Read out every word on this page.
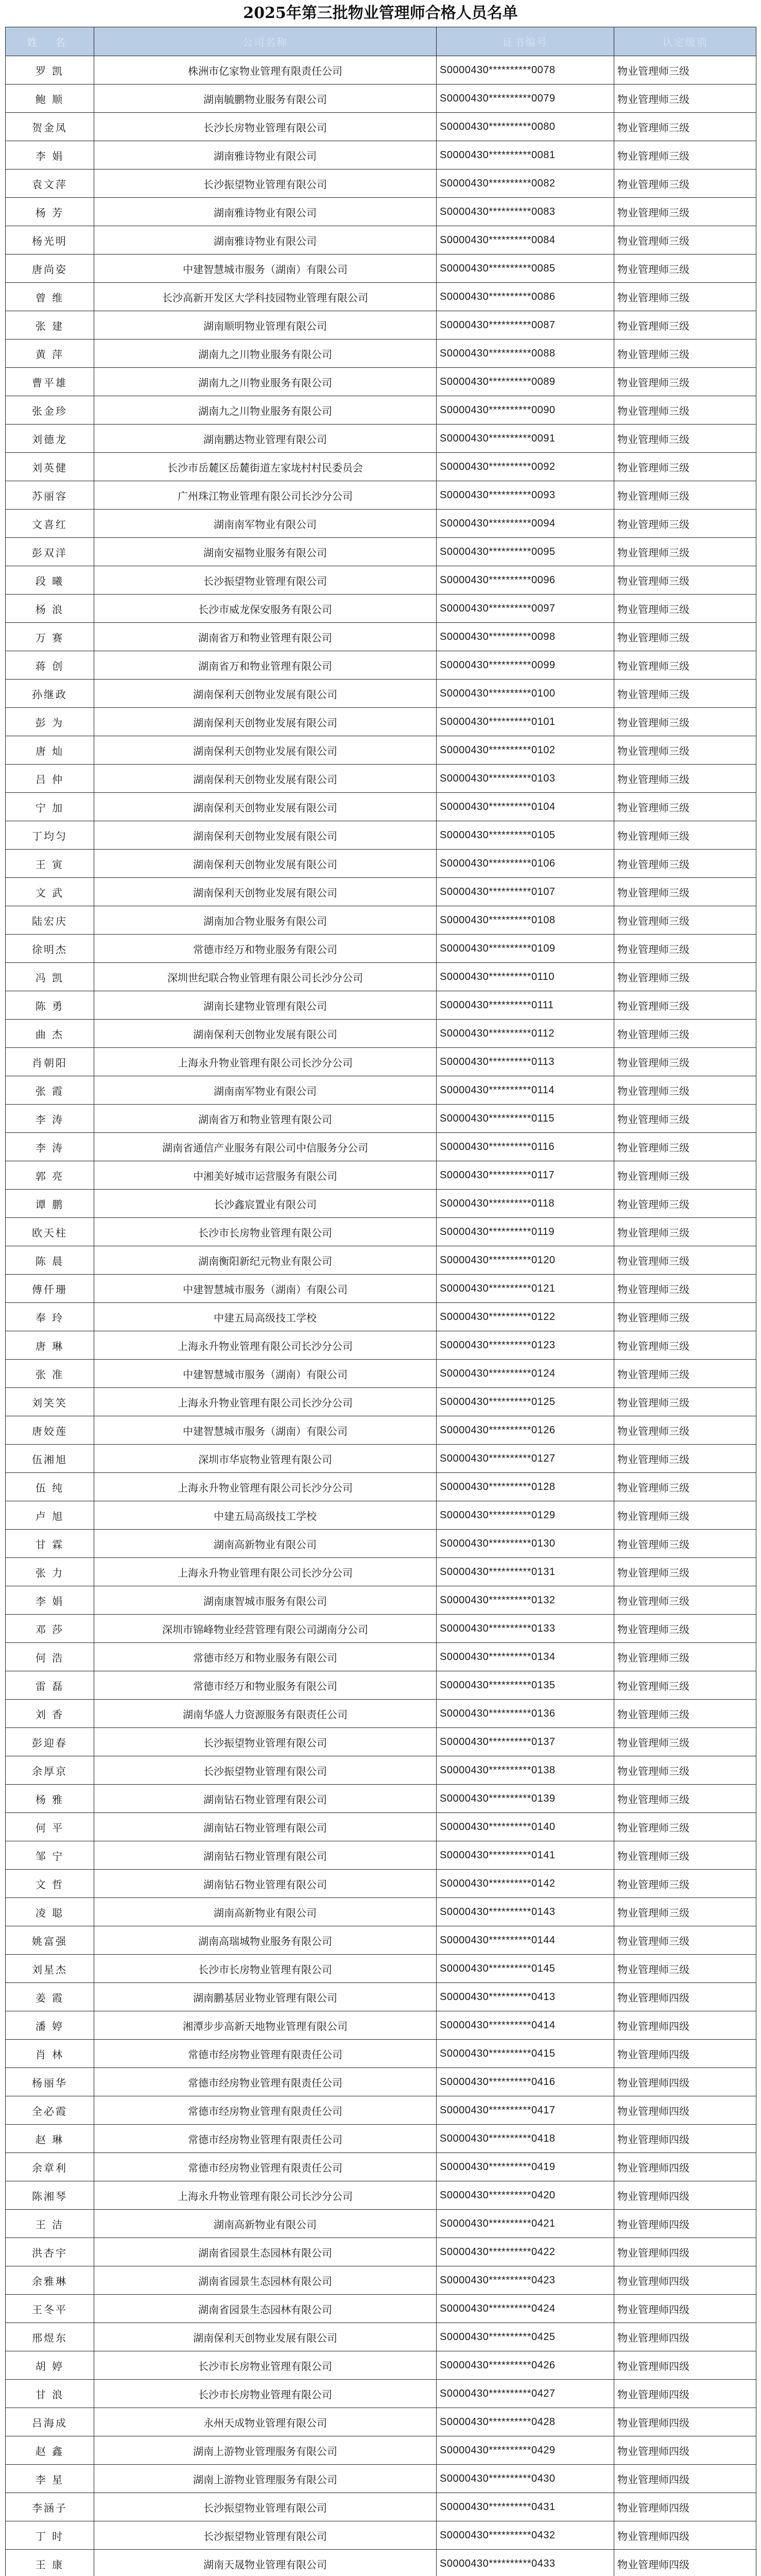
2025年第三批物业管理师合格人员名单
姓 名	公司名称	证书编号	认定级别
罗 凯	株洲市亿家物业管理有限责任公司	S0000430**********0078	物业管理师三级
鲍 顺	湖南毓鹏物业服务有限公司	S0000430**********0079	物业管理师三级
贺金凤	长沙长房物业管理有限公司	S0000430**********0080	物业管理师三级
李 娟	湖南雅诗物业有限公司	S0000430**********0081	物业管理师三级
袁文萍	长沙振望物业管理有限公司	S0000430**********0082	物业管理师三级
杨 芳	湖南雅诗物业有限公司	S0000430**********0083	物业管理师三级
杨光明	湖南雅诗物业有限公司	S0000430**********0084	物业管理师三级
唐尚姿	中建智慧城市服务（湖南）有限公司	S0000430**********0085	物业管理师三级
曾 维	长沙高新开发区大学科技园物业管理有限公司	S0000430**********0086	物业管理师三级
张 建	湖南顺明物业管理有限公司	S0000430**********0087	物业管理师三级
黄 萍	湖南九之川物业服务有限公司	S0000430**********0088	物业管理师三级
曹平雄	湖南九之川物业服务有限公司	S0000430**********0089	物业管理师三级
张金珍	湖南九之川物业服务有限公司	S0000430**********0090	物业管理师三级
刘德龙	湖南鹏达物业管理有限公司	S0000430**********0091	物业管理师三级
刘英健	长沙市岳麓区岳麓街道左家垅村村民委员会	S0000430**********0092	物业管理师三级
苏丽容	广州珠江物业管理有限公司长沙分公司	S0000430**********0093	物业管理师三级
文喜红	湖南南军物业有限公司	S0000430**********0094	物业管理师三级
彭双洋	湖南安福物业服务有限公司	S0000430**********0095	物业管理师三级
段 曦	长沙振望物业管理有限公司	S0000430**********0096	物业管理师三级
杨 浪	长沙市威龙保安服务有限公司	S0000430**********0097	物业管理师三级
万 赛	湖南省万和物业管理有限公司	S0000430**********0098	物业管理师三级
蒋 创	湖南省万和物业管理有限公司	S0000430**********0099	物业管理师三级
孙继政	湖南保利天创物业发展有限公司	S0000430**********0100	物业管理师三级
彭 为	湖南保利天创物业发展有限公司	S0000430**********0101	物业管理师三级
唐 灿	湖南保利天创物业发展有限公司	S0000430**********0102	物业管理师三级
吕 仲	湖南保利天创物业发展有限公司	S0000430**********0103	物业管理师三级
宁 加	湖南保利天创物业发展有限公司	S0000430**********0104	物业管理师三级
丁均匀	湖南保利天创物业发展有限公司	S0000430**********0105	物业管理师三级
王 寅	湖南保利天创物业发展有限公司	S0000430**********0106	物业管理师三级
文 武	湖南保利天创物业发展有限公司	S0000430**********0107	物业管理师三级
陆宏庆	湖南加合物业服务有限公司	S0000430**********0108	物业管理师三级
徐明杰	常德市经万和物业服务有限公司	S0000430**********0109	物业管理师三级
冯 凯	深圳世纪联合物业管理有限公司长沙分公司	S0000430**********0110	物业管理师三级
陈 勇	湖南长建物业管理有限公司	S0000430**********0111	物业管理师三级
曲 杰	湖南保利天创物业发展有限公司	S0000430**********0112	物业管理师三级
肖朝阳	上海永升物业管理有限公司长沙分公司	S0000430**********0113	物业管理师三级
张 霞	湖南南军物业有限公司	S0000430**********0114	物业管理师三级
李 涛	湖南省万和物业管理有限公司	S0000430**********0115	物业管理师三级
李 涛	湖南省通信产业服务有限公司中信服务分公司	S0000430**********0116	物业管理师三级
郭 亮	中湘美好城市运营服务有限公司	S0000430**********0117	物业管理师三级
谭 鹏	长沙鑫宸置业有限公司	S0000430**********0118	物业管理师三级
欧天柱	长沙市长房物业管理有限公司	S0000430**********0119	物业管理师三级
陈 晨	湖南衡阳新纪元物业有限公司	S0000430**********0120	物业管理师三级
傅仟珊	中建智慧城市服务（湖南）有限公司	S0000430**********0121	物业管理师三级
奉 玲	中建五局高级技工学校	S0000430**********0122	物业管理师三级
唐 琳	上海永升物业管理有限公司长沙分公司	S0000430**********0123	物业管理师三级
张 准	中建智慧城市服务（湖南）有限公司	S0000430**********0124	物业管理师三级
刘笑笑	上海永升物业管理有限公司长沙分公司	S0000430**********0125	物业管理师三级
唐姣莲	中建智慧城市服务（湖南）有限公司	S0000430**********0126	物业管理师三级
伍湘旭	深圳市华宸物业管理有限公司	S0000430**********0127	物业管理师三级
伍 纯	上海永升物业管理有限公司长沙分公司	S0000430**********0128	物业管理师三级
卢 旭	中建五局高级技工学校	S0000430**********0129	物业管理师三级
甘 霖	湖南高新物业有限公司	S0000430**********0130	物业管理师三级
张 力	上海永升物业管理有限公司长沙分公司	S0000430**********0131	物业管理师三级
李 娟	湖南康智城市服务有限公司	S0000430**********0132	物业管理师三级
邓 莎	深圳市锦峰物业经营管理有限公司湖南分公司	S0000430**********0133	物业管理师三级
何 浩	常德市经万和物业服务有限公司	S0000430**********0134	物业管理师三级
雷 磊	常德市经万和物业服务有限公司	S0000430**********0135	物业管理师三级
刘 香	湖南华盛人力资源服务有限责任公司	S0000430**********0136	物业管理师三级
彭迎春	长沙振望物业管理有限公司	S0000430**********0137	物业管理师三级
余厚京	长沙振望物业管理有限公司	S0000430**********0138	物业管理师三级
杨 雅	湖南钻石物业管理有限公司	S0000430**********0139	物业管理师三级
何 平	湖南钻石物业管理有限公司	S0000430**********0140	物业管理师三级
邹 宁	湖南钻石物业管理有限公司	S0000430**********0141	物业管理师三级
文 哲	湖南钻石物业管理有限公司	S0000430**********0142	物业管理师三级
凌 聪	湖南高新物业有限公司	S0000430**********0143	物业管理师三级
姚富强	湖南高瑞城物业服务有限公司	S0000430**********0144	物业管理师三级
刘星杰	长沙市长房物业管理有限公司	S0000430**********0145	物业管理师三级
姜 霞	湖南鹏基居业物业管理有限公司	S0000430**********0413	物业管理师四级
潘 婷	湘潭步步高新天地物业管理有限公司	S0000430**********0414	物业管理师四级
肖 林	常德市经房物业管理有限责任公司	S0000430**********0415	物业管理师四级
杨丽华	常德市经房物业管理有限责任公司	S0000430**********0416	物业管理师四级
全必霞	常德市经房物业管理有限责任公司	S0000430**********0417	物业管理师四级
赵 琳	常德市经房物业管理有限责任公司	S0000430**********0418	物业管理师四级
余章利	常德市经房物业管理有限责任公司	S0000430**********0419	物业管理师四级
陈湘琴	上海永升物业管理有限公司长沙分公司	S0000430**********0420	物业管理师四级
王 洁	湖南高新物业有限公司	S0000430**********0421	物业管理师四级
洪杏宇	湖南省园景生态园林有限公司	S0000430**********0422	物业管理师四级
余雅琳	湖南省园景生态园林有限公司	S0000430**********0423	物业管理师四级
王冬平	湖南省园景生态园林有限公司	S0000430**********0424	物业管理师四级
邢煜东	湖南保利天创物业发展有限公司	S0000430**********0425	物业管理师四级
胡 婷	长沙市长房物业管理有限公司	S0000430**********0426	物业管理师四级
甘 浪	长沙市长房物业管理有限公司	S0000430**********0427	物业管理师四级
吕海成	永州天成物业管理有限公司	S0000430**********0428	物业管理师四级
赵 鑫	湖南上游物业管理服务有限公司	S0000430**********0429	物业管理师四级
李 星	湖南上游物业管理服务有限公司	S0000430**********0430	物业管理师四级
李涵子	长沙振望物业管理有限公司	S0000430**********0431	物业管理师四级
丁 时	长沙振望物业管理有限公司	S0000430**********0432	物业管理师四级
王 康	湖南天晟物业管理有限公司	S0000430**********0433	物业管理师四级
